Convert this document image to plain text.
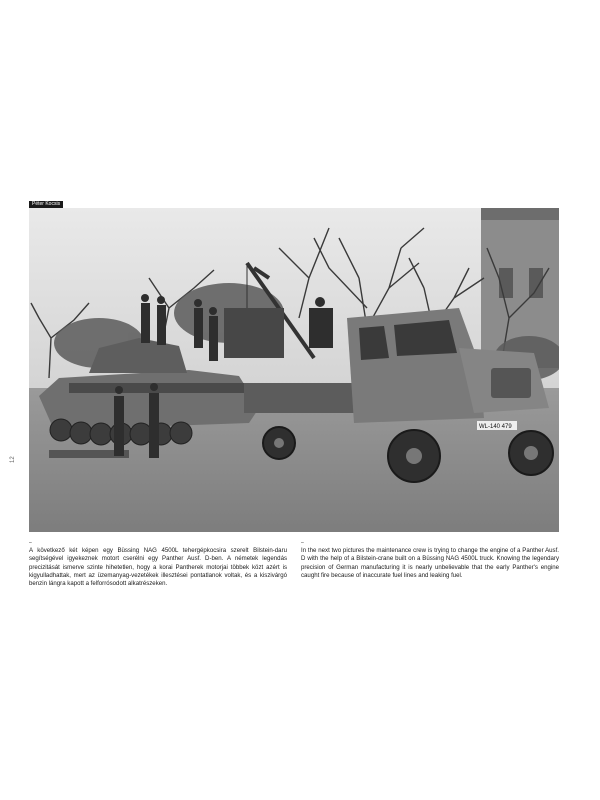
Péter Kocsis
12
WL-140 479
–
A következő két képen egy Büssing NAG 4500L tehergépkocsira szerelt Bilstein-daru segítségével igyekeznek motort cserélni egy Panther Ausf. D-ben. A németek legendás precizitását ismerve szinte hihetetlen, hogy a korai Pantherek motorjai többek közt azért is kigyulladhattak, mert az üzemanyag-vezetékek illesztései pontatlanok voltak, és a kiszivárgó benzin lángra kapott a felforrósodott alkatrészeken.
–
In the next two pictures the maintenance crew is trying to change the engine of a Panther Ausf. D with the help of a Bilstein-crane built on a Büssing NAG 4500L truck. Knowing the legendary precision of German manufacturing it is nearly unbelievable that the early Panther's engine caught fire because of inaccurate fuel lines and leaking fuel.
